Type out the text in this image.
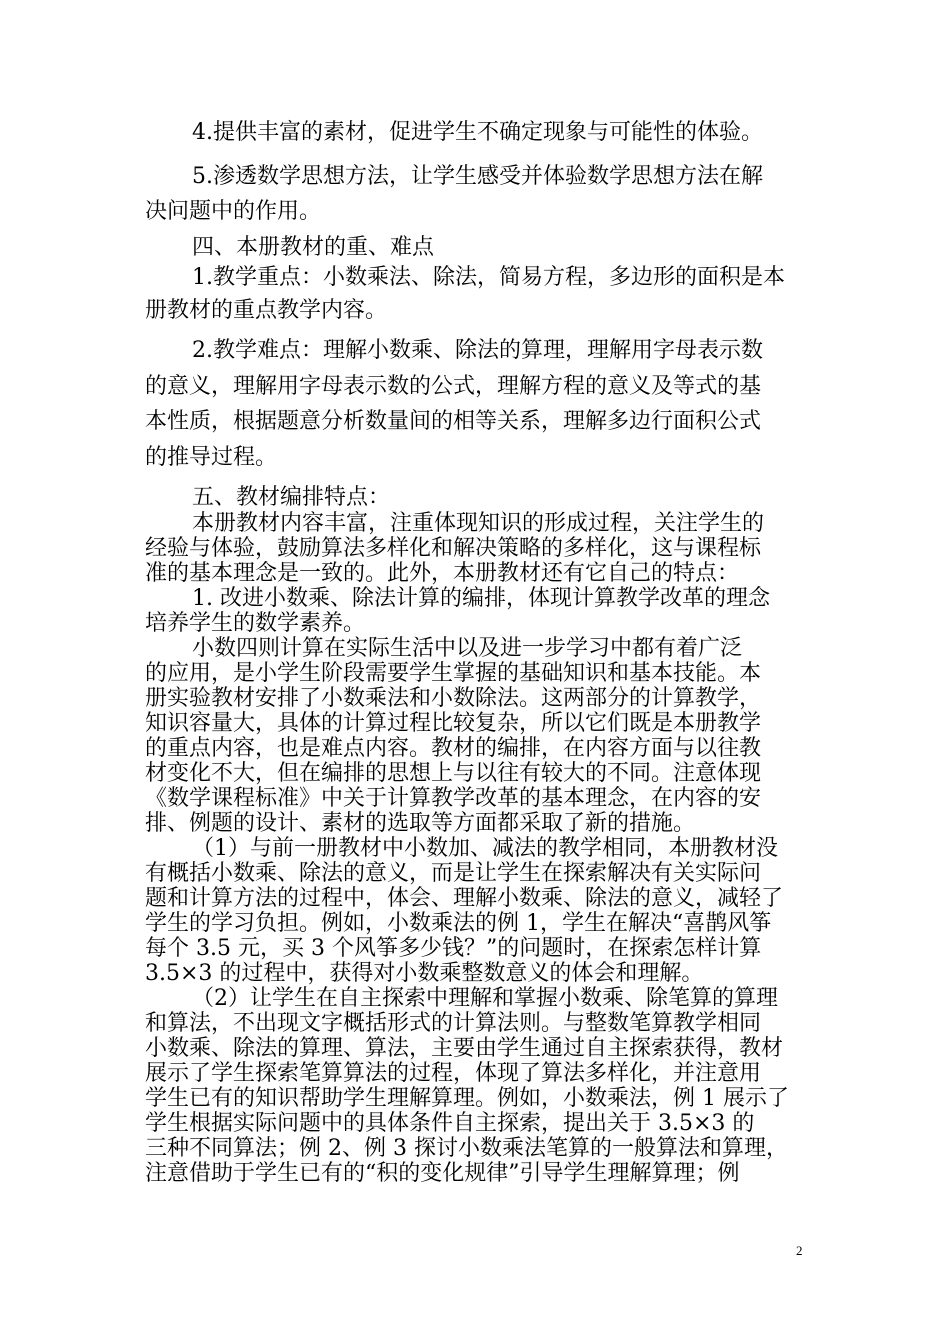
4.提供丰富的素材，促进学生不确定现象与可能性的体验。

5.渗透数学思想方法，让学生感受并体验数学思想方法在解

决问题中的作用。

四、本册教材的重、难点

1.教学重点：小数乘法、除法，简易方程，多边形的面积是本

册教材的重点教学内容。

2.教学难点：理解小数乘、除法的算理，理解用字母表示数

的意义，理解用字母表示数的公式，理解方程的意义及等式的基

本性质，根据题意分析数量间的相等关系，理解多边行面积公式

的推导过程。

五、教材编排特点：

本册教材内容丰富，注重体现知识的形成过程，关注学生的

经验与体验，鼓励算法多样化和解决策略的多样化，这与课程标

准的基本理念是一致的。此外，本册教材还有它自己的特点：

1. 改进小数乘、除法计算的编排，体现计算教学改革的理念

培养学生的数学素养。

小数四则计算在实际生活中以及进一步学习中都有着广泛

的应用，是小学生阶段需要学生掌握的基础知识和基本技能。本

册实验教材安排了小数乘法和小数除法。这两部分的计算教学，

知识容量大，具体的计算过程比较复杂，所以它们既是本册教学

的重点内容，也是难点内容。教材的编排，在内容方面与以往教

材变化不大，但在编排的思想上与以往有较大的不同。注意体现

《数学课程标准》中关于计算教学改革的基本理念，在内容的安

排、例题的设计、素材的选取等方面都采取了新的措施。

（1）与前一册教材中小数加、减法的教学相同，本册教材没

有概括小数乘、除法的意义，而是让学生在探索解决有关实际问

题和计算方法的过程中，体会、理解小数乘、除法的意义，减轻了

学生的学习负担。例如，小数乘法的例 1，学生在解决“喜鹊风筝

每个 3.5 元，买 3 个风筝多少钱？”的问题时，在探索怎样计算

3.5×3 的过程中，获得对小数乘整数意义的体会和理解。

（2）让学生在自主探索中理解和掌握小数乘、除笔算的算理

和算法，不出现文字概括形式的计算法则。与整数笔算教学相同

小数乘、除法的算理、算法，主要由学生通过自主探索获得，教材

展示了学生探索笔算算法的过程，体现了算法多样化，并注意用

学生已有的知识帮助学生理解算理。例如，小数乘法，例 1 展示了

学生根据实际问题中的具体条件自主探索，提出关于 3.5×3 的

三种不同算法；例 2、例 3 探讨小数乘法笔算的一般算法和算理，

注意借助于学生已有的“积的变化规律”引导学生理解算理；例

2
